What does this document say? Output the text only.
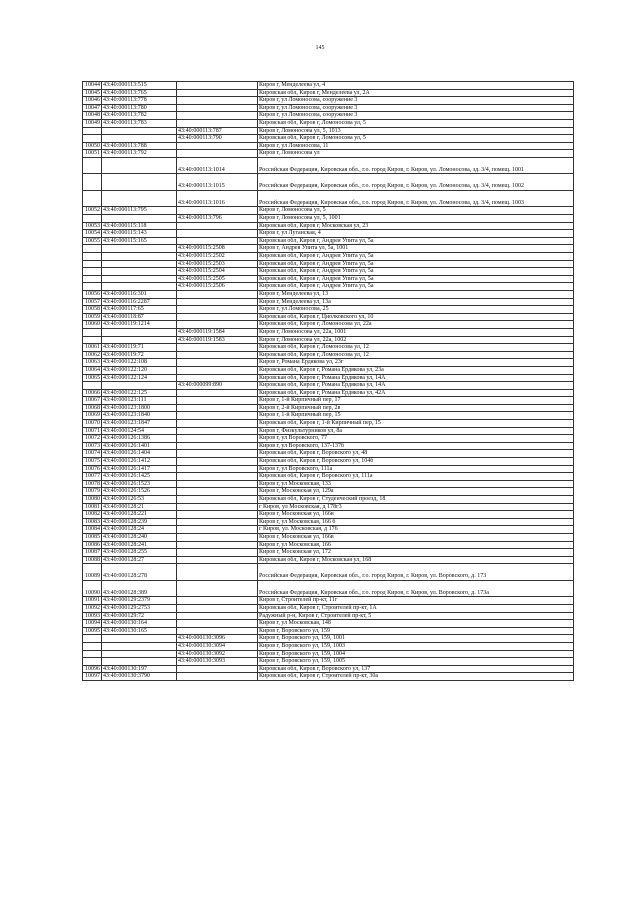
145
10044	43:40:000113:515		Киров г, Менделеева ул, 4
10045	43:40:000113:765		Кировская обл, Киров г, Менделеева ул, 2А
10046	43:40:000113:778		Киров г, ул Ломоносова, сооружение 3
10047	43:40:000113:780		Киров г, ул Ломоносова, сооружение 3
10048	43:40:000113:782		Киров г, ул Ломоносова, сооружение 3
10049	43:40:000113:783		Кировская обл, Киров г, Ломоносова ул, 5
		43:40:000113:787	Киров г, Ломоносова ул, 5, 1013
		43:40:000113:790	Кировская обл, Киров г, Ломоносова ул, 5
10050	43:40:000113:788		Киров г, ул Ломоносова, 11
10051	43:40:000113:792		Киров г, Ломоносова ул
		43:40:000113:1014	Российская Федерация, Кировская обл., г.о. город Киров, г. Киров, ул. Ломоносова, зд. 3/4, помещ. 1001
		43:40:000113:1015	Российская Федерация, Кировская обл., г.о. город Киров, г. Киров, ул. Ломоносова, зд. 3/4, помещ. 1002
		43:40:000113:1016	Российская Федерация, Кировская обл., г.о. город Киров, г. Киров, ул. Ломоносова, зд. 3/4, помещ. 1003
10052	43:40:000113:795		Киров г, Ломоносова ул, 5
		43:40:000113:796	Киров г, Ломоносова ул, 5, 1001
10053	43:40:000115:118		Кировская обл, Киров г, Московская ул, 23
10054	43:40:000115:143		Киров г, ул Луганская, 4
10055	43:40:000115:165		Кировская обл, Киров г, Андрея Упита ул, 5а
		43:40:000115:2508	Киров г, Андрея Упита ул, 5а, 1001
		43:40:000115:2502	Кировская обл, Киров г, Андрея Упита ул, 5а
		43:40:000115:2503	Кировская обл, Киров г, Андрея Упита ул, 5а
		43:40:000115:2504	Кировская обл, Киров г, Андрея Упита ул, 5а
		43:40:000115:2505	Кировская обл, Киров г, Андрея Упита ул, 5а
		43:40:000115:2506	Кировская обл, Киров г, Андрея Упита ул, 5а
10056	43:40:000116:301		Киров г, Менделеева ул, 13
10057	43:40:000116:2287		Киров г, Менделеева ул, 13а
10058	43:40:000117:65		Киров г, ул Ломоносова, 25
10059	43:40:000118:87		Кировская обл, Киров г, Циолковского ул, 10
10060	43:40:000119:1214		Кировская обл, Киров г, Ломоносова ул, 22а
		43:40:000119:1584	Киров г, Ломоносова ул, 22а, 1001
		43:40:000119:1583	Киров г, Ломоносова ул, 22а, 1002
10061	43:40:000119:71		Кировская обл, Киров г, Ломоносова ул, 12
10062	43:40:000119:72		Кировская обл, Киров г, Ломоносова ул, 12
10063	43:40:000122:108		Киров г, Романа Ердякова ул, 23г
10064	43:40:000122:120		Кировская обл, Киров г, Романа Ердякова ул, 23а
10065	43:40:000122:124		Кировская обл, Киров г, Романа Ердякова ул, 14А
		43:40:000099:890	Кировская обл, Киров г, Романа Ердякова ул, 14А
10066	43:40:000122:125		Кировская обл, Киров г, Романа Ердякова ул, 42А
10067	43:40:000123:111		Киров г, 1-й Кирпичный пер, 17
10068	43:40:000123:1800		Киров г, 2-й Кирпичный пер, 2в
10069	43:40:000123:1840		Киров г, 1-й Кирпичный пер, 15
10070	43:40:000123:1847		Кировская обл, Киров г, 1-й Кирпичный пер, 15
10071	43:40:000124:54		Киров г, Физкультурников ул, 8а
10072	43:40:000126:1386		Киров г, ул Воровского, 77
10073	43:40:000126:1401		Киров г, ул Воровского, 137-137б
10074	43:40:000126:1404		Кировская обл, Киров г, Воровского ул, 48
10075	43:40:000126:1412		Кировская обл, Киров г, Воровского ул, 104б
10076	43:40:000126:1417		Киров г, ул Воровского, 111а
10077	43:40:000126:1425		Кировская обл, Киров г, Воровского ул, 111а
10078	43:40:000126:1523		Киров г, ул Московская, 133
10079	43:40:000126:1526		Киров г, Московская ул, 129а
10080	43:40:000126:53		Кировская обл, Киров г, Студенческий проезд, 18
10081	43:40:000128:21		г Киров, ул Московская, д 178г3
10082	43:40:000128:221		Киров г, Московская ул, 166в
10083	43:40:000128:239		Киров г, ул Московская, 166 б
10084	43:40:000128:24		г Киров, ул. Московская, д 176
10085	43:40:000128:240		Киров г, Московская ул, 166в
10086	43:40:000128:241		Киров г, ул Московская, 166
10087	43:40:000128:255		Киров г, Московская ул, 172
10088	43:40:000128:27		Кировская обл, Киров г, Московская ул, 168
10089	43:40:000128:278		Российская Федерация, Кировская обл., г.о. город Киров, г. Киров, ул. Воровского, д. 173
10090	43:40:000128:389		Российская Федерация, Кировская обл., г.о. город Киров, г. Киров, ул. Воровского, д. 173а
10091	43:40:000129:2379		Киров г, Строителей пр-кт, 11г
10092	43:40:000129:2753		Кировская обл, Киров г, Строителей пр-кт, 1А
10093	43:40:000129:72		Радужный р-н, Киров г, Строителей пр-кт, 5
10094	43:40:000130:164		Киров г, ул Московская, 148
10095	43:40:000130:165		Киров г, Воровского ул, 159
		43:40:000130:3096	Киров г, Воровского ул, 159, 1001
		43:40:000130:3094	Киров г, Воровского ул, 159, 1003
		43:40:000130:3092	Киров г, Воровского ул, 159, 1004
		43:40:000130:3093	Киров г, Воровского ул, 159, 1005
10096	43:40:000130:197		Кировская обл, Киров г, Воровского ул, 137
10097	43:40:000130:3790		Кировская обл, Киров г, Строителей пр-кт, 30а
